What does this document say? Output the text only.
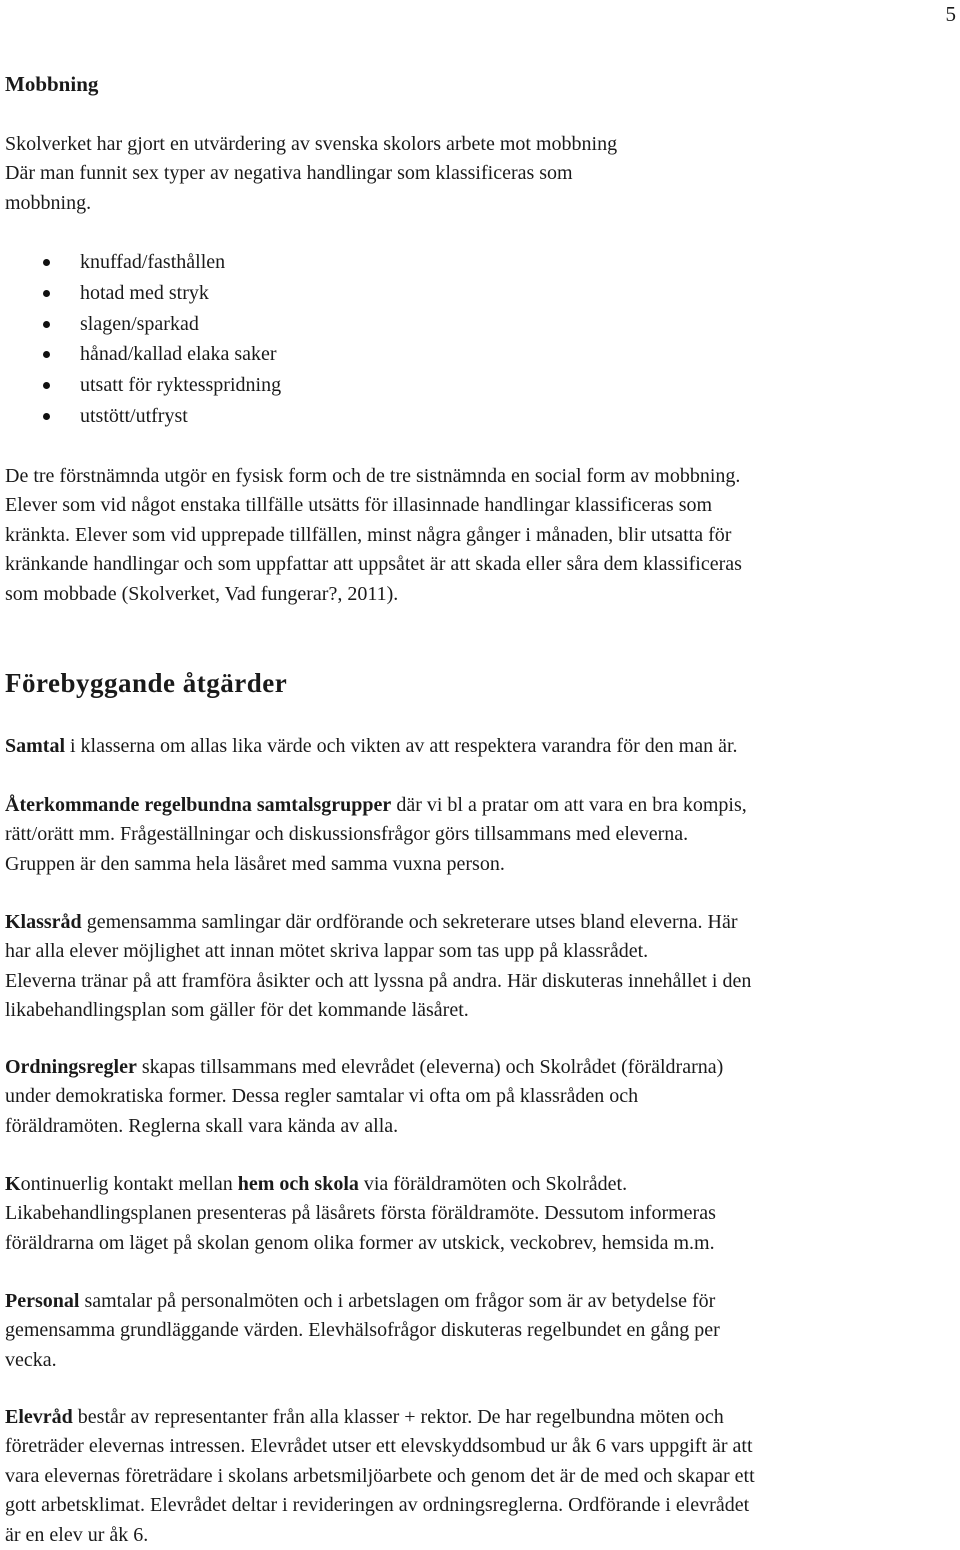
5
Mobbning
Skolverket har gjort en utvärdering av svenska skolors arbete mot mobbning
Där man funnit sex typer av negativa handlingar som klassificeras som
mobbning.
knuffad/fasthållen
hotad med stryk
slagen/sparkad
hånad/kallad elaka saker
utsatt för ryktesspridning
utstött/utfryst
De tre förstnämnda utgör en fysisk form och de tre sistnämnda en social form av mobbning.
Elever som vid något enstaka tillfälle utsätts för illasinnade handlingar klassificeras som
kränkta. Elever som vid upprepade tillfällen, minst några gånger i månaden, blir utsatta för
kränkande handlingar och som uppfattar att uppsåtet är att skada eller såra dem klassificeras
som mobbade (Skolverket, Vad fungerar?, 2011).
Förebyggande åtgärder
Samtal i klasserna om allas lika värde och vikten av att respektera varandra för den man är.
Återkommande regelbundna samtalsgrupper där vi bl a pratar om att vara en bra kompis,
rätt/orätt mm. Frågeställningar och diskussionsfrågor görs tillsammans med eleverna.
Gruppen är den samma hela läsåret med samma vuxna person.
Klassråd gemensamma samlingar där ordförande och sekreterare utses bland eleverna. Här
har alla elever möjlighet att innan mötet skriva lappar som tas upp på klassrådet.
Eleverna tränar på att framföra åsikter och att lyssna på andra. Här diskuteras innehållet i den
likabehandlingsplan som gäller för det kommande läsåret.
Ordningsregler skapas tillsammans med elevrådet (eleverna) och Skolrådet (föräldrarna)
under demokratiska former. Dessa regler samtalar vi ofta om på klassråden och
föräldramöten. Reglerna skall vara kända av alla.
Kontinuerlig kontakt mellan hem och skola via föräldramöten och Skolrådet.
Likabehandlingsplanen presenteras på läsårets första föräldramöte. Dessutom informeras
föräldrarna om läget på skolan genom olika former av utskick, veckobrev, hemsida m.m.
Personal samtalar på personalmöten och i arbetslagen om frågor som är av betydelse för
gemensamma grundläggande värden. Elevhälsofrågor diskuteras regelbundet en gång per
vecka.
Elevråd består av representanter från alla klasser + rektor. De har regelbundna möten och
företräder elevernas intressen. Elevrådet utser ett elevskyddsombud ur åk 6 vars uppgift är att
vara elevernas företrädare i skolans arbetsmiljöarbete och genom det är de med och skapar ett
gott arbetsklimat. Elevrådet deltar i revideringen av ordningsreglerna. Ordförande i elevrådet
är en elev ur åk 6.
